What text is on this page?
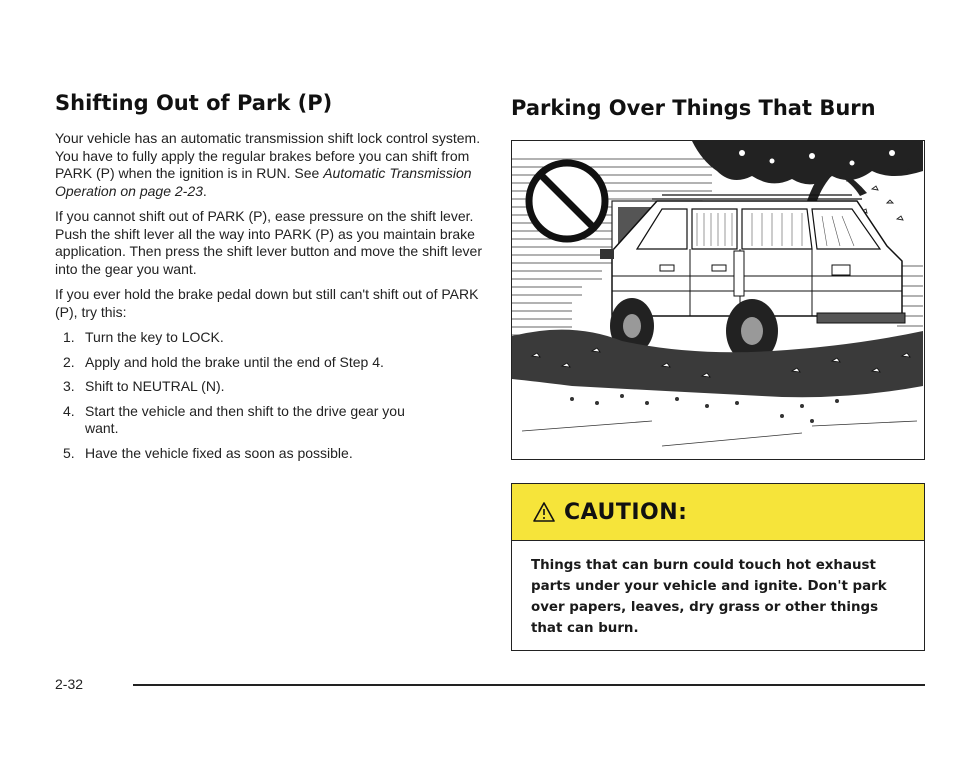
Shifting Out of Park (P)

Your vehicle has an automatic transmission shift lock control system. You have to fully apply the regular brakes before you can shift from PARK (P) when the ignition is in RUN. See Automatic Transmission Operation on page 2-23.

If you cannot shift out of PARK (P), ease pressure on the shift lever. Push the shift lever all the way into PARK (P) as you maintain brake application. Then press the shift lever button and move the shift lever into the gear you want.

If you ever hold the brake pedal down but still can't shift out of PARK (P), try this:

1. Turn the key to LOCK.
2. Apply and hold the brake until the end of Step 4.
3. Shift to NEUTRAL (N).
4. Start the vehicle and then shift to the drive gear you want.
5. Have the vehicle fixed as soon as possible.
Parking Over Things That Burn
CAUTION:
Things that can burn could touch hot exhaust parts under your vehicle and ignite. Don't park over papers, leaves, dry grass or other things that can burn.
2-32
